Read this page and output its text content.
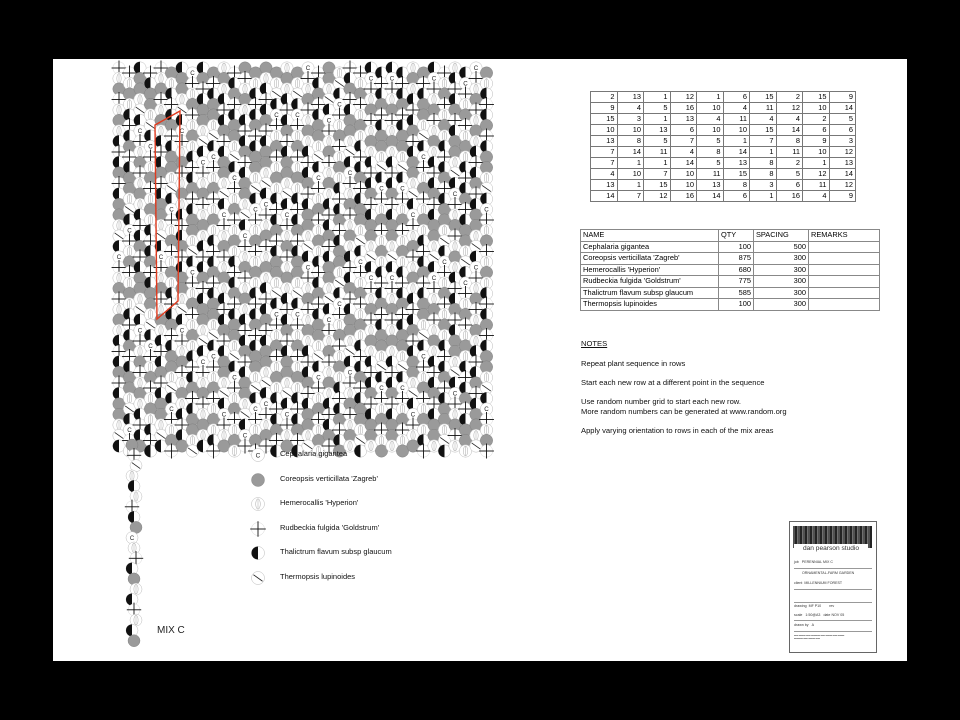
C
C
C
C
C
C
C
C
C
C
C
C
C
C
C
C
C
C
C
C
C
C
C
C
C
C
C
C
C
C
C
C
C
C
C
C
C
C
C
C
C
C
C
C
C
C
C
C
C
C
C
C
C
C
C
C
C
C
C
C
C
C
C
C
C
C
C
C
C
MIX C
C	Cephalaria gigantea
Coreopsis verticillata 'Zagreb'
Hemerocallis 'Hyperion'
Rudbeckia fulgida 'Goldstrum'
Thalictrum flavum subsp glaucum
Thermopsis lupinoides
2	13	1	12	1	6	15	2	15	9
9	4	5	16	10	4	11	12	10	14
15	3	1	13	4	11	4	4	2	5
10	10	13	6	10	10	15	14	6	6
13	8	5	7	5	1	7	8	9	3
7	14	11	4	8	14	1	11	10	12
7	1	1	14	5	13	8	2	1	13
4	10	7	10	11	15	8	5	12	14
13	1	15	10	13	8	3	6	11	12
14	7	12	16	14	6	1	16	4	9
NAME	QTY	SPACING	REMARKS
Cephalaria gigantea	100	500	
Coreopsis verticillata 'Zagreb'	875	300	
Hemerocallis 'Hyperion'	680	300	
Rudbeckia fulgida 'Goldstrum'	775	300	
Thalictrum flavum subsp glaucum	585	300	
Thermopsis lupinoides	100	300	
NOTES

Repeat plant sequence in rows

Start each new row at a different point in the sequence

Use random number grid to start each new row.

More random numbers can be generated at www.random.org

Apply varying orientation to rows in each of the mix areas

dan pearson studio
job PERENNIAL MIX C
ORNAMENTAL-FARM GARDEN
client MILLENNIUM FOREST
drawing MF P10 rev
scale 1:50@A3 date NOV 05
drawn by A
▬▬ ▬▬▬ ▬▬ ▬▬▬▬ ▬▬ ▬▬▬ ▬▬ ▬▬▬
▬▬▬▬ ▬▬ ▬▬▬ ▬▬
